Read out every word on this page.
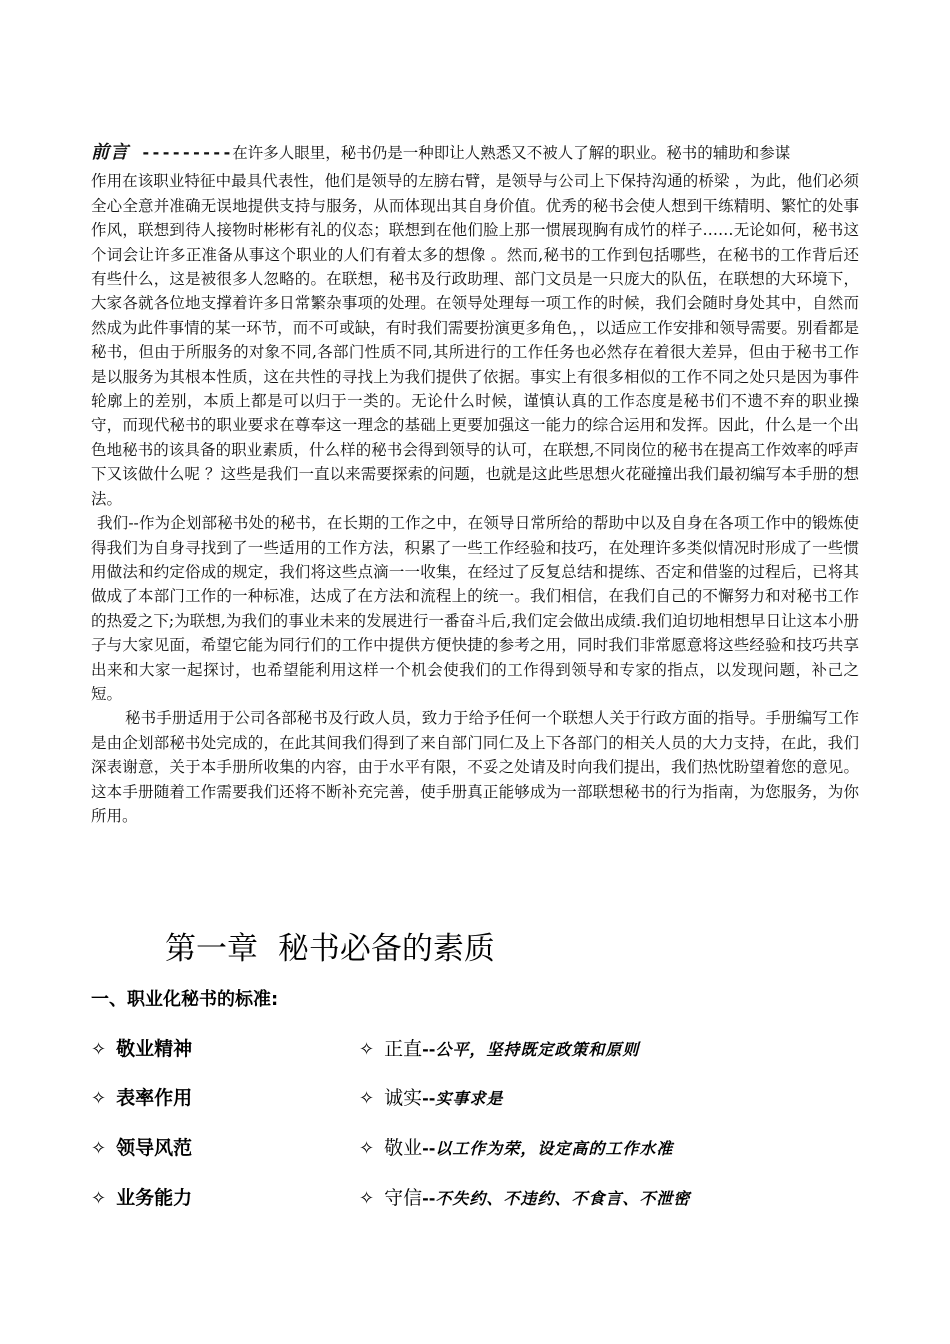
前言 ---------在许多人眼里，秘书仍是一种即让人熟悉又不被人了解的职业。秘书的辅助和参谋

作用在该职业特征中最具代表性，他们是领导的左膀右臂，是领导与公司上下保持沟通的桥梁 ，为此，他们必须全心全意并准确无误地提供支持与服务，从而体现出其自身价值。优秀的秘书会使人想到干练精明、繁忙的处事作风，联想到待人接物时彬彬有礼的仪态；联想到在他们脸上那一惯展现胸有成竹的样子……无论如何，秘书这个词会让许多正准备从事这个职业的人们有着太多的想像 。然而,秘书的工作到包括哪些，在秘书的工作背后还有些什么，这是被很多人忽略的。在联想，秘书及行政助理、部门文员是一只庞大的队伍，在联想的大环境下，大家各就各位地支撑着许多日常繁杂事项的处理。在领导处理每一项工作的时候，我们会随时身处其中，自然而然成为此件事情的某一环节，而不可或缺，有时我们需要扮演更多角色，，以适应工作安排和领导需要。别看都是秘书，但由于所服务的对象不同,各部门性质不同,其所进行的工作任务也必然存在着很大差异，但由于秘书工作是以服务为其根本性质，这在共性的寻找上为我们提供了依据。事实上有很多相似的工作不同之处只是因为事件轮廓上的差别，本质上都是可以归于一类的。无论什么时候，谨慎认真的工作态度是秘书们不遗不弃的职业操守，而现代秘书的职业要求在尊奉这一理念的基础上更要加强这一能力的综合运用和发挥。因此，什么是一个出色地秘书的该具备的职业素质，什么样的秘书会得到领导的认可，在联想,不同岗位的秘书在提高工作效率的呼声下又该做什么呢 ？这些是我们一直以来需要探索的问题，也就是这此些思想火花碰撞出我们最初编写本手册的想法。

我们--作为企划部秘书处的秘书，在长期的工作之中，在领导日常所给的帮助中以及自身在各项工作中的锻炼使得我们为自身寻找到了一些适用的工作方法，积累了一些工作经验和技巧，在处理许多类似情况时形成了一些惯用做法和约定俗成的规定，我们将这些点滴一一收集，在经过了反复总结和提练、否定和借鉴的过程后，已将其做成了本部门工作的一种标准，达成了在方法和流程上的统一。我们相信，在我们自己的不懈努力和对秘书工作的热爱之下;为联想,为我们的事业未来的发展进行一番奋斗后,我们定会做出成绩.我们迫切地相想早日让这本小册子与大家见面，希望它能为同行们的工作中提供方便快捷的参考之用，同时我们非常愿意将这些经验和技巧共享出来和大家一起探讨，也希望能利用这样一个机会使我们的工作得到领导和专家的指点，以发现问题，补己之短。

秘书手册适用于公司各部秘书及行政人员，致力于给予任何一个联想人关于行政方面的指导。手册编写工作是由企划部秘书处完成的，在此其间我们得到了来自部门同仁及上下各部门的相关人员的大力支持，在此，我们深表谢意，关于本手册所收集的内容，由于水平有限，不妥之处请及时向我们提出，我们热忱盼望着您的意见。这本手册随着工作需要我们还将不断补充完善，使手册真正能够成为一部联想秘书的行为指南，为您服务，为你所用。

第一章 秘书必备的素质
一、职业化秘书的标准:
✧ 敬业精神	✧ 正直--公平，坚持既定政策和原则
✧ 表率作用	✧ 诚实--实事求是
✧ 领导风范	✧ 敬业--以工作为荣，设定高的工作水准
✧ 业务能力	✧ 守信--不失约、不违约、不食言、不泄密
